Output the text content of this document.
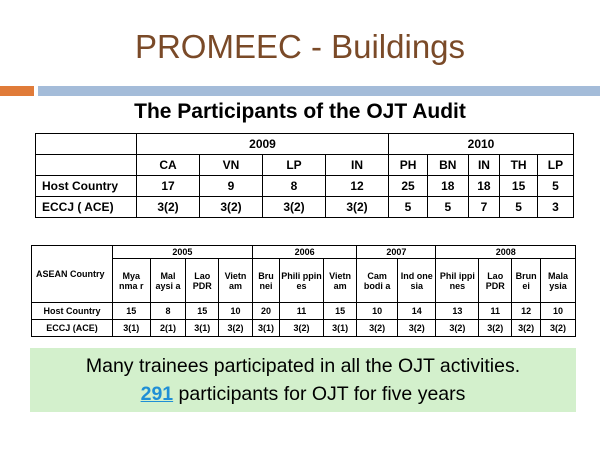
PROMEEC - Buildings
The Participants of the OJT Audit
	2009				2010				
	CA	VN	LP	IN	PH	BN	IN	TH	LP
Host Country	17	9	8	12	25	18	18	15	5
ECCJ ( ACE)	3(2)	3(2)	3(2)	3(2)	5	5	7	5	3
ASEAN Country	2005				2006			2007		2008			
	Mya nma r	Mal aysi a	Lao PDR	Vietn am	Bru nei	Phili ppin es	Vietn am	Cam bodi a	Ind one sia	Phil ippi nes	Lao PDR	Brun ei	Mala ysia
Host Country	15	8	15	10	20	11	15	10	14	13	11	12	10
ECCJ (ACE)	3(1)	2(1)	3(1)	3(2)	3(1)	3(2)	3(1)	3(2)	3(2)	3(2)	3(2)	3(2)	3(2)
Many trainees participated in all the OJT activities.
291 participants for OJT for five years
